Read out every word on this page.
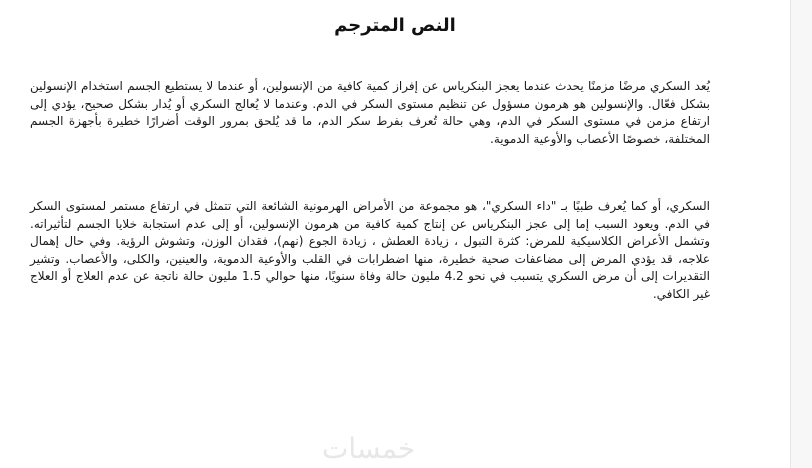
النص المترجم

يُعد السكري مرضًا مزمنًا يحدث عندما يعجز البنكرياس عن إفراز كمية كافية من الإنسولين، أو عندما لا يستطيع الجسم استخدام الإنسولين بشكل فعّال. والإنسولين هو هرمون مسؤول عن تنظيم مستوى السكر في الدم. وعندما لا يُعالج السكري أو يُدار بشكل صحيح، يؤدي إلى ارتفاع مزمن في مستوى السكر في الدم، وهي حالة تُعرف بفرط سكر الدم، ما قد يُلحق بمرور الوقت أضرارًا خطيرة بأجهزة الجسم المختلفة، خصوصًا الأعصاب والأوعية الدموية.

السكري، أو كما يُعرف طبيًا بـ "داء السكري"، هو مجموعة من الأمراض الهرمونية الشائعة التي تتمثل في ارتفاع مستمر لمستوى السكر في الدم. ويعود السبب إما إلى عجز البنكرياس عن إنتاج كمية كافية من هرمون الإنسولين، أو إلى عدم استجابة خلايا الجسم لتأثيراته. وتشمل الأعراض الكلاسيكية للمرض: كثرة التبول ، زيادة العطش ، زيادة الجوع (نهم)، فقدان الوزن، وتشوش الرؤية. وفي حال إهمال علاجه، قد يؤدي المرض إلى مضاعفات صحية خطيرة، منها اضطرابات في القلب والأوعية الدموية، والعينين، والكلى، والأعصاب. وتشير التقديرات إلى أن مرض السكري يتسبب في نحو 4.2 مليون حالة وفاة سنويًا، منها حوالي 1.5 مليون حالة ناتجة عن عدم العلاج أو العلاج غير الكافي.

خمسات
